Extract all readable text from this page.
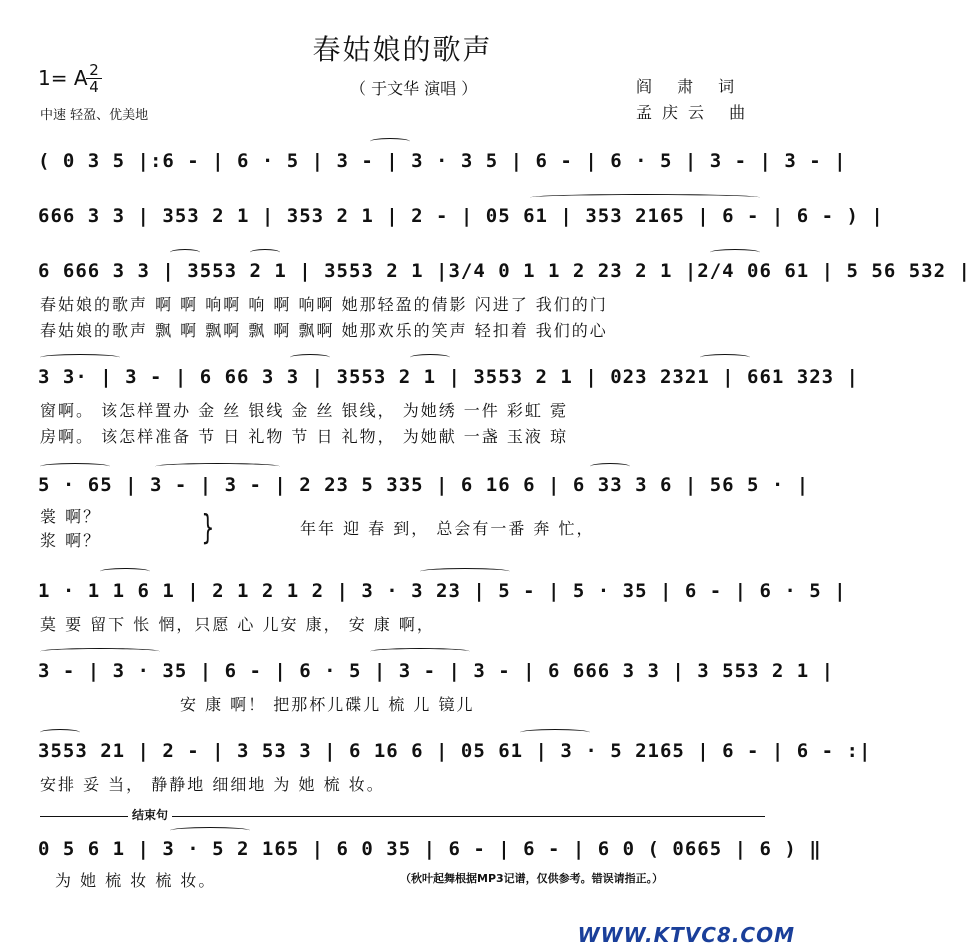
春姑娘的歌声
1= A 2
4
中速 轻盈、优美地
（ 于文华 演唱 ）	阎 肃 词
孟庆云 曲
( 0 3 5 |:6 - | 6 · 5 | 3 - | 3 · 3 5 | 6 - | 6 · 5 | 3 - | 3 - |
666 3 3 | 353 2 1 | 353 2 1 | 2 - | 05 61 | 353 2165 | 6 - | 6 - ) |
6 666 3 3 | 3553 2 1 | 3553 2 1 |3/4 0 1 1 2 23 2 1 |2/4 06 61 | 5 56 532 |
春姑娘的歌声 啊 啊 响啊 响 啊 响啊 她那轻盈的倩影 闪进了 我们的门
春姑娘的歌声 飘 啊 飘啊 飘 啊 飘啊 她那欢乐的笑声 轻扣着 我们的心
3 3· | 3 - | 6 66 3 3 | 3553 2 1 | 3553 2 1 | 023 2321 | 661 323 |
窗啊。 该怎样置办 金 丝 银线 金 丝 银线， 为她绣 一件 彩虹 霓
房啊。 该怎样准备 节 日 礼物 节 日 礼物， 为她献 一盏 玉液 琼
5 · 65 | 3 - | 3 - | 2 23 5 335 | 6 16 6 | 6 33 3 6 | 56 5 · |
裳 啊？
浆 啊？	}	年年 迎 春 到， 总会有一番 奔 忙，
1 · 1 1 6 1 | 2 1 2 1 2 | 3 · 3 23 | 5 - | 5 · 35 | 6 - | 6 · 5 |
莫 要 留下 怅 惘，只愿 心 儿安 康， 安 康 啊，
3 - | 3 · 35 | 6 - | 6 · 5 | 3 - | 3 - | 6 666 3 3 | 3 553 2 1 |
安 康 啊！ 把那杯儿碟儿 梳 儿 镜儿
3553 21 | 2 - | 3 53 3 | 6 16 6 | 05 61 | 3 · 5 2165 | 6 - | 6 - :|
安排 妥 当， 静静地 细细地 为 她 梳 妆。
结束句
0 5 6 1 | 3 · 5 2 165 | 6 0 35 | 6 - | 6 - | 6 0 ( 0665 | 6 ) ‖
为 她 梳 妆 梳 妆。	（秋叶起舞根据MP3记谱，仅供参考。错误请指正。）
WWW.KTVC8.COM
